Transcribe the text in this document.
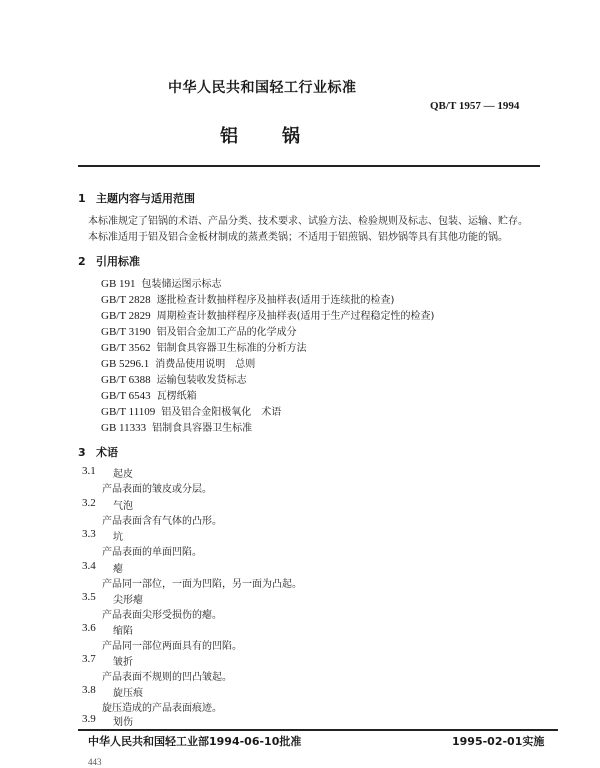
中华人民共和国轻工行业标准
QB/T 1957 — 1994
铝 锅
1 主题内容与适用范围
本标准规定了铝锅的术语、产品分类、技术要求、试验方法、检验规则及标志、包装、运输、贮存。
本标准适用于铝及铝合金板材制成的蒸煮类锅；不适用于铝煎锅、铝炒锅等具有其他功能的锅。
2 引用标准
GB 191 包装储运图示标志
GB/T 2828 逐批检查计数抽样程序及抽样表(适用于连续批的检查)
GB/T 2829 周期检查计数抽样程序及抽样表(适用于生产过程稳定性的检查)
GB/T 3190 铝及铝合金加工产品的化学成分
GB/T 3562 铝制食具容器卫生标准的分析方法
GB 5296.1 消费品使用说明　总则
GB/T 6388 运输包装收发货标志
GB/T 6543 瓦楞纸箱
GB/T 11109 铝及铝合金阳极氧化　术语
GB 11333 铝制食具容器卫生标准
3 术语
3.1 起皮
产品表面的皱皮或分层。
3.2 气泡
产品表面含有气体的凸形。
3.3 坑
产品表面的单面凹陷。
3.4 瘪
产品同一部位，一面为凹陷，另一面为凸起。
3.5 尖形瘪
产品表面尖形受损伤的瘪。
3.6 缩陷
产品同一部位两面具有的凹陷。
3.7 皱折
产品表面不规则的凹凸皱起。
3.8 旋压痕
旋压造成的产品表面痕迹。
3.9 划伤
中华人民共和国轻工业部1994-06-10批准	1995-02-01实施
443
